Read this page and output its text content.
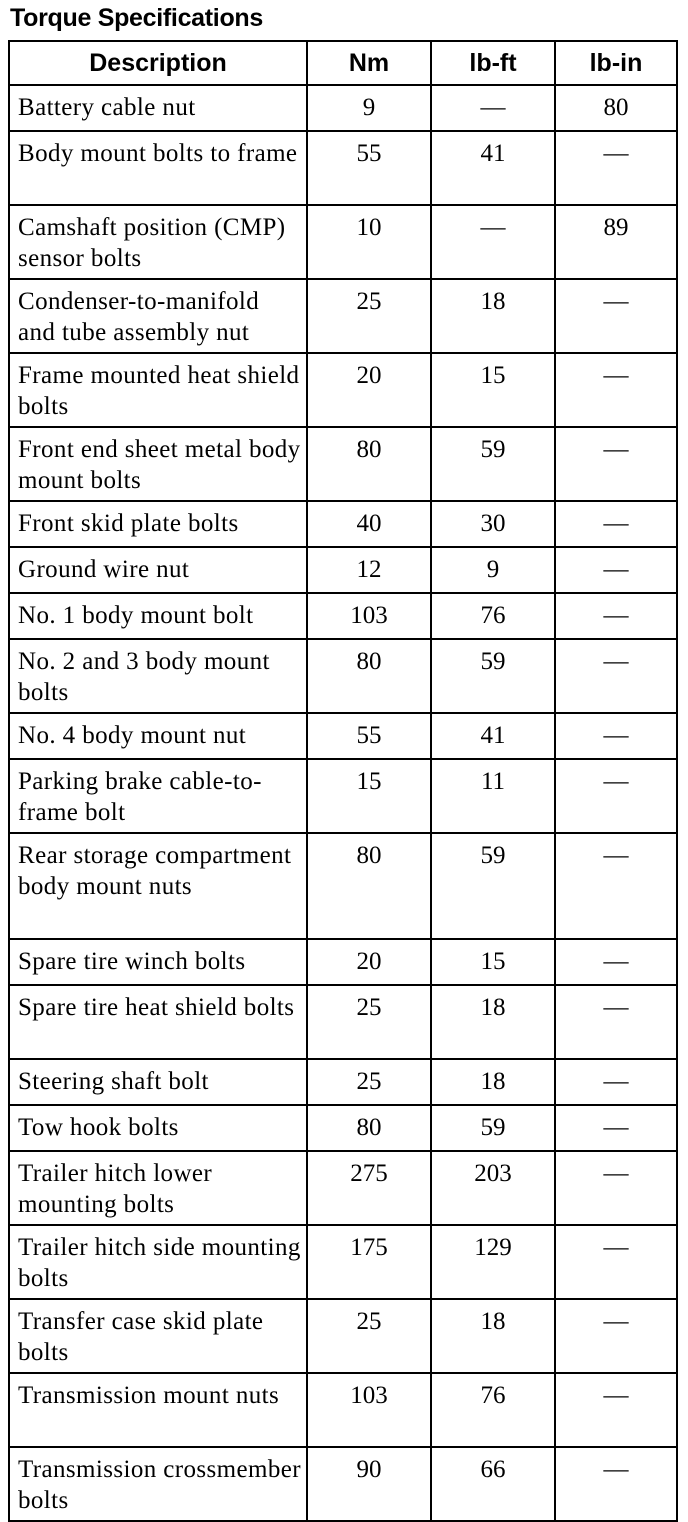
Torque Specifications
Description	Nm	lb-ft	lb-in
Battery cable nut	9	—	80
Body mount bolts to frame	55	41	—
Camshaft position (CMP) sensor bolts	10	—	89
Condenser-to-manifold and tube assembly nut	25	18	—
Frame mounted heat shield bolts	20	15	—
Front end sheet metal body mount bolts	80	59	—
Front skid plate bolts	40	30	—
Ground wire nut	12	9	—
No. 1 body mount bolt	103	76	—
No. 2 and 3 body mount bolts	80	59	—
No. 4 body mount nut	55	41	—
Parking brake cable-to-frame bolt	15	11	—
Rear storage compartment body mount nuts	80	59	—
Spare tire winch bolts	20	15	—
Spare tire heat shield bolts	25	18	—
Steering shaft bolt	25	18	—
Tow hook bolts	80	59	—
Trailer hitch lower mounting bolts	275	203	—
Trailer hitch side mounting bolts	175	129	—
Transfer case skid plate bolts	25	18	—
Transmission mount nuts	103	76	—
Transmission crossmember bolts	90	66	—
